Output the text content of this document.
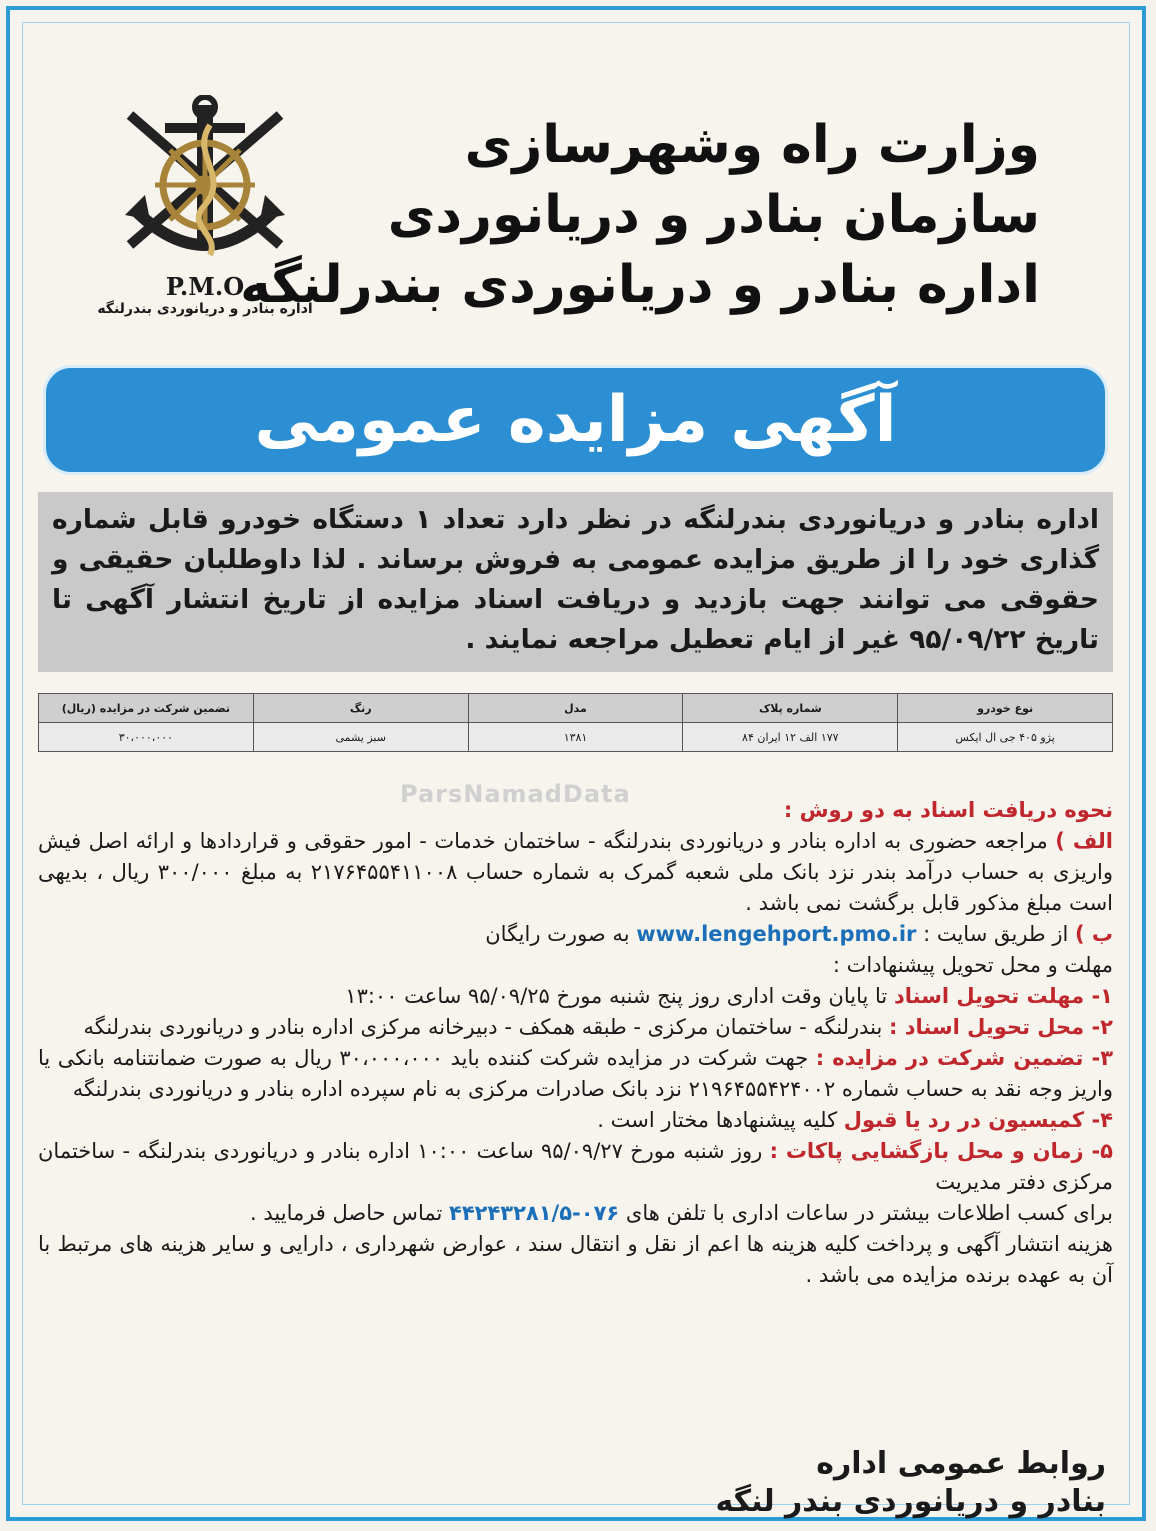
P.M.O
اداره بنادر و دریانوردی بندرلنگه
وزارت راه وشهرسازی
سازمان بنادر و دریانوردی
اداره بنادر و دریانوردی بندرلنگه
آگهی مزایده عمومی
اداره بنادر و دریانوردی بندرلنگه در نظر دارد تعداد ۱ دستگاه خودرو قابل شماره گذاری خود را از طریق مزایده عمومی به فروش برساند . لذا داوطلبان حقیقی و حقوقی می توانند جهت بازدید و دریافت اسناد مزایده از تاریخ انتشار آگهی تا تاریخ ۹۵/۰۹/۲۲ غیر از ایام تعطیل مراجعه نمایند .
نوع خودرو	شماره پلاک	مدل	رنگ	تضمین شرکت در مزایده (ریال)
پژو ۴۰۵ جی ال ایکس	۱۷۷ الف ۱۲ ایران ۸۴	۱۳۸۱	سبز یشمی	۳۰،۰۰۰،۰۰۰
ParsNamadData

نحوه دریافت اسناد به دو روش :

الف ) مراجعه حضوری به اداره بنادر و دریانوردی بندرلنگه - ساختمان خدمات - امور حقوقی و قراردادها و ارائه اصل فیش واریزی به حساب درآمد بندر نزد بانک ملی شعبه گمرک به شماره حساب ۲۱۷۶۴۵۵۴۱۱۰۰۸ به مبلغ ۳۰۰/۰۰۰ ریال ، بدیهی است مبلغ مذکور قابل برگشت نمی باشد .

ب ) از طریق سایت : www.lengehport.pmo.ir به صورت رایگان

مهلت و محل تحویل پیشنهادات :

۱- مهلت تحویل اسناد تا پایان وقت اداری روز پنج شنبه مورخ ۹۵/۰۹/۲۵ ساعت ۱۳:۰۰

۲- محل تحویل اسناد : بندرلنگه - ساختمان مرکزی - طبقه همکف - دبیرخانه مرکزی اداره بنادر و دریانوردی بندرلنگه

۳- تضمین شرکت در مزایده : جهت شرکت در مزایده شرکت کننده باید ۳۰،۰۰۰،۰۰۰ ریال به صورت ضمانتنامه بانکی یا واریز وجه نقد به حساب شماره ۲۱۹۶۴۵۵۴۲۴۰۰۲ نزد بانک صادرات مرکزی به نام سپرده اداره بنادر و دریانوردی بندرلنگه

۴- کمیسیون در رد یا قبول کلیه پیشنهادها مختار است .

۵- زمان و محل بازگشایی پاکات : روز شنبه مورخ ۹۵/۰۹/۲۷ ساعت ۱۰:۰۰ اداره بنادر و دریانوردی بندرلنگه - ساختمان مرکزی دفتر مدیریت

برای کسب اطلاعات بیشتر در ساعات اداری با تلفن های ۰۷۶-۴۴۲۴۳۲۸۱/۵ تماس حاصل فرمایید .

هزینه انتشار آگهی و پرداخت کلیه هزینه ها اعم از نقل و انتقال سند ، عوارض شهرداری ، دارایی و سایر هزینه های مرتبط با آن به عهده برنده مزایده می باشد .

روابط عمومی اداره
بنادر و دریانوردی بندر لنگه
